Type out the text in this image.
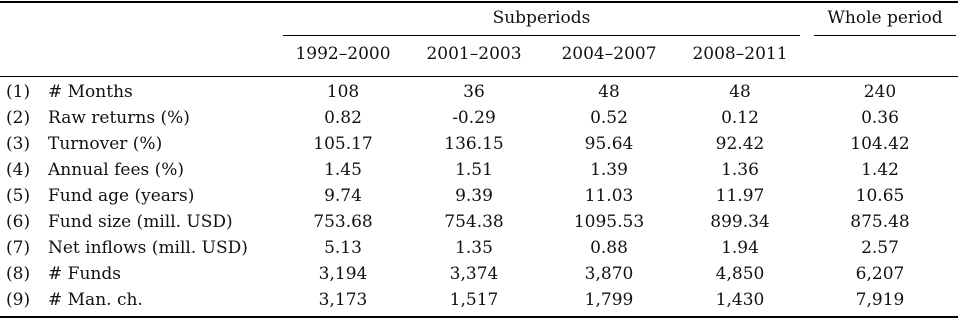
Subperiods	Whole period
1992–2000	2001–2003	2004–2007	2008–2011
(1) # Months	108	36	48	48	240
(2) Raw returns (%)	0.82	-0.29	0.52	0.12	0.36
(3) Turnover (%)	105.17	136.15	95.64	92.42	104.42
(4) Annual fees (%)	1.45	1.51	1.39	1.36	1.42
(5) Fund age (years)	9.74	9.39	11.03	11.97	10.65
(6) Fund size (mill. USD)	753.68	754.38	1095.53	899.34	875.48
(7) Net inflows (mill. USD)	5.13	1.35	0.88	1.94	2.57
(8) # Funds	3,194	3,374	3,870	4,850	6,207
(9) # Man. ch.	3,173	1,517	1,799	1,430	7,919
